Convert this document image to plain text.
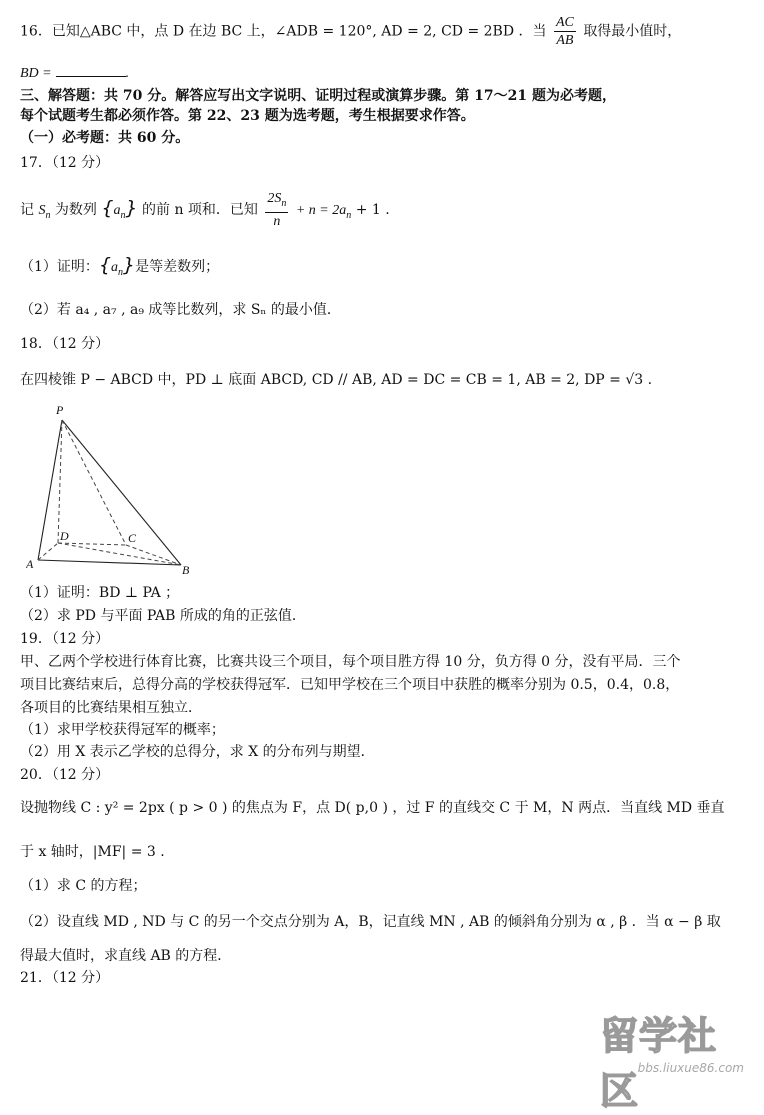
16．已知△ABC 中，点 D 在边 BC 上，∠ADB = 120°, AD = 2, CD = 2BD ．当 $\frac{AC}{AB}$ 取得最小值时，
BD =	.
三、解答题：共 70 分。解答应写出文字说明、证明过程或演算步骤。第 17～21 题为必考题，
每个试题考生都必须作答。第 22、23 题为选考题，考生根据要求作答。
（一）必考题：共 60 分。
17．（12 分）
记 $S_n$ 为数列 $\{a_n\}$ 的前 n 项和．已知 $\frac{2S_n}{n} + n = 2a_n + 1$ .
（1）证明：$\{a_n\}$是等差数列；
（2）若 a₄ , a₇ , a₉ 成等比数列，求 Sₙ 的最小值．
18．（12 分）
在四棱锥 P − ABCD 中，PD ⊥ 底面 ABCD, CD // AB, AD = DC = CB = 1, AB = 2, DP = √3 .
P
A	B
C
D
（1）证明：BD ⊥ PA ；
（2）求 PD 与平面 PAB 所成的角的正弦值．
19．（12 分）
甲、乙两个学校进行体育比赛，比赛共设三个项目，每个项目胜方得 10 分，负方得 0 分，没有平局．三个
项目比赛结束后，总得分高的学校获得冠军．已知甲学校在三个项目中获胜的概率分别为 0.5，0.4，0.8，
各项目的比赛结果相互独立．
（1）求甲学校获得冠军的概率；
（2）用 X 表示乙学校的总得分，求 X 的分布列与期望．
20．（12 分）
设抛物线 C : y² = 2px ( p > 0 ) 的焦点为 F，点 D( p,0 ) ，过 F 的直线交 C 于 M，N 两点．当直线 MD 垂直
于 x 轴时，|MF| = 3 .
（1）求 C 的方程；
（2）设直线 MD , ND 与 C 的另一个交点分别为 A，B，记直线 MN , AB 的倾斜角分别为 α , β ．当 α − β 取
得最大值时，求直线 AB 的方程．
21．（12 分）
留学社区
bbs.liuxue86.com
